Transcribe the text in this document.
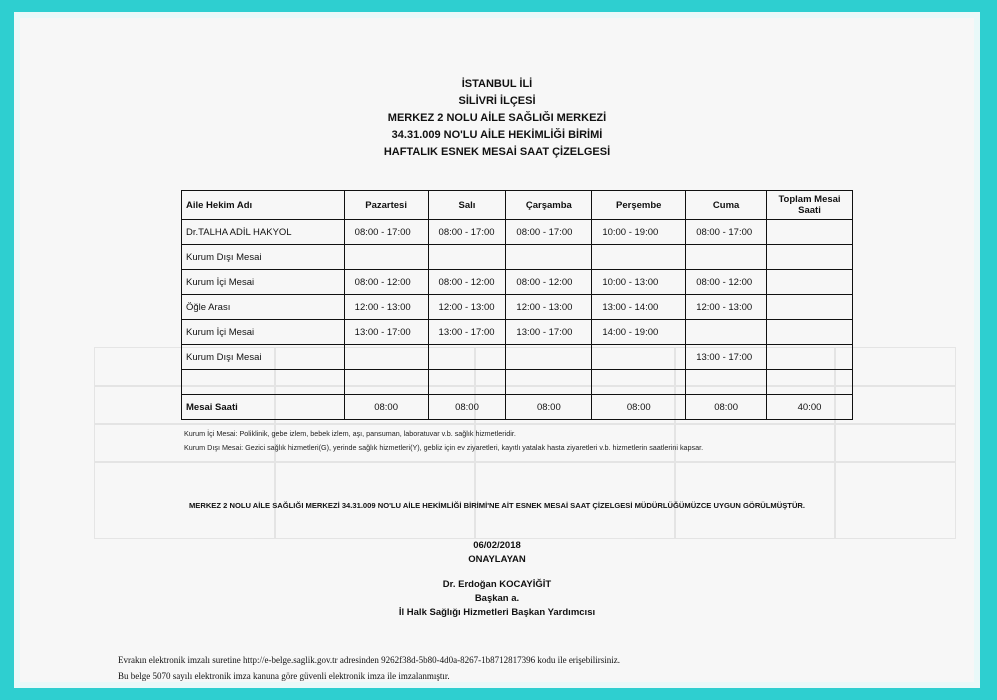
İSTANBUL İLİ
SİLİVRİ İLÇESİ
MERKEZ 2 NOLU AİLE SAĞLIĞI MERKEZİ
34.31.009 NO'LU AİLE HEKİMLİĞİ BİRİMİ
HAFTALIK ESNEK MESAİ SAAT ÇİZELGESİ
Aile Hekim Adı	Pazartesi	Salı	Çarşamba	Perşembe	Cuma	Toplam Mesai Saati
Dr.TALHA ADİL HAKYOL	08:00 - 17:00	08:00 - 17:00	08:00 - 17:00	10:00 - 19:00	08:00 - 17:00	
Kurum Dışı Mesai						
Kurum İçi Mesai	08:00 - 12:00	08:00 - 12:00	08:00 - 12:00	10:00 - 13:00	08:00 - 12:00	
Öğle Arası	12:00 - 13:00	12:00 - 13:00	12:00 - 13:00	13:00 - 14:00	12:00 - 13:00	
Kurum İçi Mesai	13:00 - 17:00	13:00 - 17:00	13:00 - 17:00	14:00 - 19:00		
Kurum Dışı Mesai					13:00 - 17:00	

Mesai Saati	08:00	08:00	08:00	08:00	08:00	40:00
Kurum İçi Mesai: Poliklinik, gebe izlem, bebek izlem, aşı, pansuman, laboratuvar v.b. sağlık hizmetleridir.
Kurum Dışı Mesai: Gezici sağlık hizmetleri(G), yerinde sağlık hizmetleri(Y), gebliz için ev ziyaretleri, kayıtlı yatalak hasta ziyaretleri v.b. hizmetlerin saatlerini kapsar.
MERKEZ 2 NOLU AİLE SAĞLIĞI MERKEZİ 34.31.009 NO'LU AİLE HEKİMLİĞİ BİRİMİ'NE AİT ESNEK MESAİ SAAT ÇİZELGESİ MÜDÜRLÜĞÜMÜZCE UYGUN GÖRÜLMÜŞTÜR.
06/02/2018
ONAYLAYAN
Dr. Erdoğan KOCAYİĞİT
Başkan a.
İl Halk Sağlığı Hizmetleri Başkan Yardımcısı
Evrakın elektronik imzalı suretine http://e-belge.saglik.gov.tr adresinden 9262f38d-5b80-4d0a-8267-1b8712817396 kodu ile erişebilirsiniz.
Bu belge 5070 sayılı elektronik imza kanuna göre güvenli elektronik imza ile imzalanmıştır.
